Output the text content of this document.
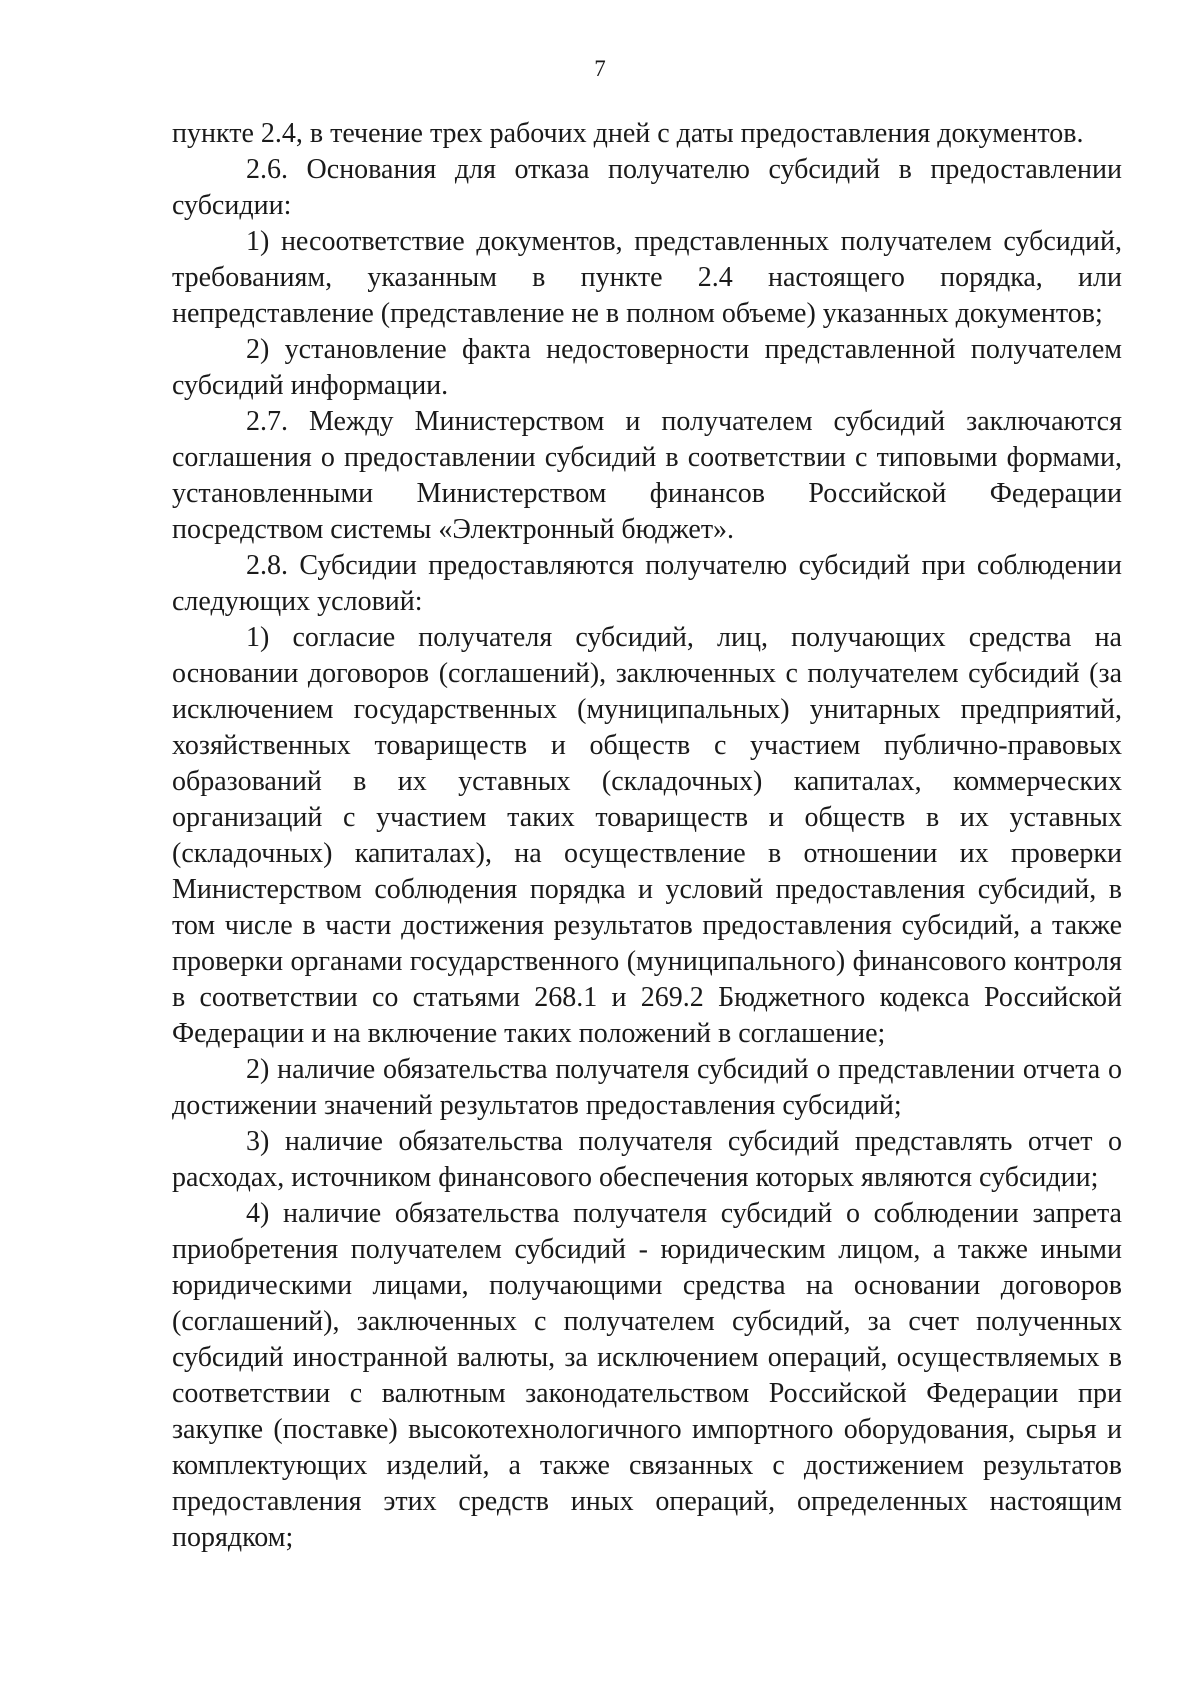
7

пункте 2.4, в течение трех рабочих дней с даты предоставления документов.

2.6. Основания для отказа получателю субсидий в предоставлении субсидии:

1) несоответствие документов, представленных получателем субсидий, требованиям, указанным в пункте 2.4 настоящего порядка, или непредставление (представление не в полном объеме) указанных документов;

2) установление факта недостоверности представленной получателем субсидий информации.

2.7. Между Министерством и получателем субсидий заключаются соглашения о предоставлении субсидий в соответствии с типовыми формами, установленными Министерством финансов Российской Федерации посредством системы «Электронный бюджет».

2.8. Субсидии предоставляются получателю субсидий при соблюдении следующих условий:

1) согласие получателя субсидий, лиц, получающих средства на основании договоров (соглашений), заключенных с получателем субсидий (за исключением государственных (муниципальных) унитарных предприятий, хозяйственных товариществ и обществ с участием публично-правовых образований в их уставных (складочных) капиталах, коммерческих организаций с участием таких товариществ и обществ в их уставных (складочных) капиталах), на осуществление в отношении их проверки Министерством соблюдения порядка и условий предоставления субсидий, в том числе в части достижения результатов предоставления субсидий, а также проверки органами государственного (муниципального) финансового контроля в соответствии со статьями 268.1 и 269.2 Бюджетного кодекса Российской Федерации и на включение таких положений в соглашение;

2) наличие обязательства получателя субсидий о представлении отчета о достижении значений результатов предоставления субсидий;

3) наличие обязательства получателя субсидий представлять отчет о расходах, источником финансового обеспечения которых являются субсидии;

4) наличие обязательства получателя субсидий о соблюдении запрета приобретения получателем субсидий - юридическим лицом, а также иными юридическими лицами, получающими средства на основании договоров (соглашений), заключенных с получателем субсидий, за счет полученных субсидий иностранной валюты, за исключением операций, осуществляемых в соответствии с валютным законодательством Российской Федерации при закупке (поставке) высокотехнологичного импортного оборудования, сырья и комплектующих изделий, а также связанных с достижением результатов предоставления этих средств иных операций, определенных настоящим порядком;
